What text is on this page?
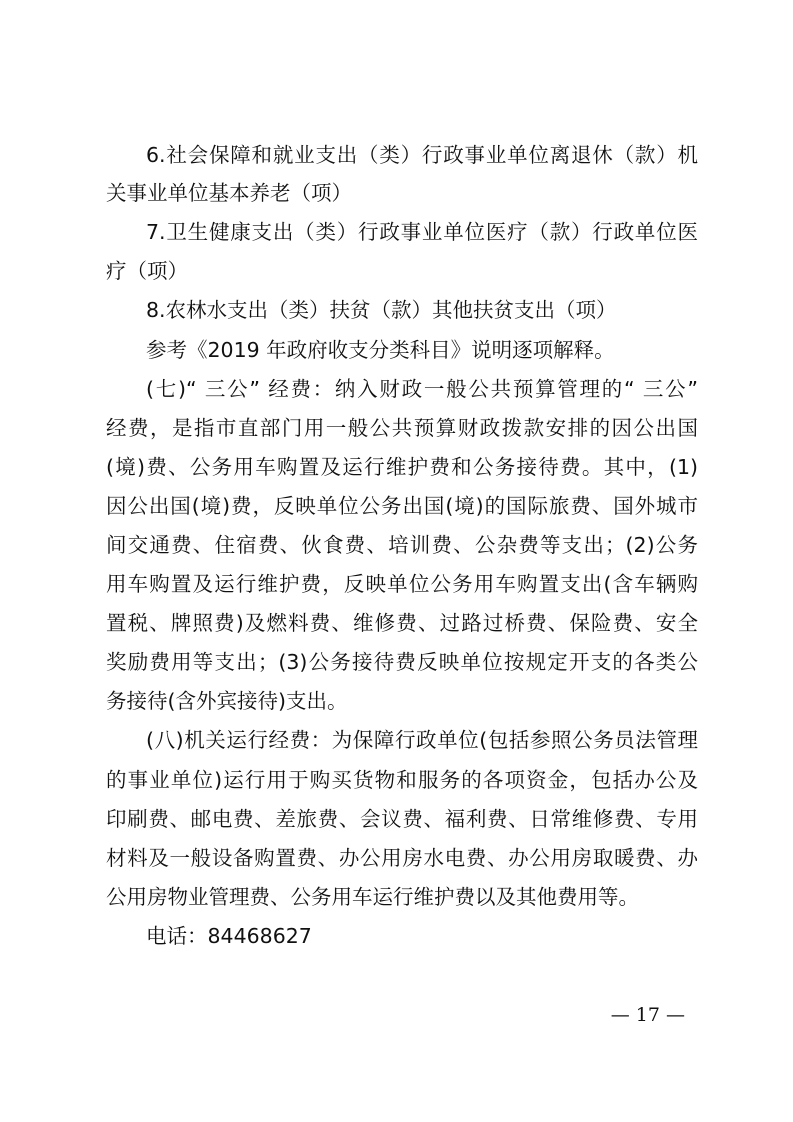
6.社会保障和就业支出（类）行政事业单位离退休（款）机
关事业单位基本养老（项）
7.卫生健康支出（类）行政事业单位医疗（款）行政单位医
疗（项）
8.农林水支出（类）扶贫（款）其他扶贫支出（项）
参考《2019 年政府收支分类科目》说明逐项解释。
(七)“ 三公” 经费：纳入财政一般公共预算管理的“ 三公”
经费，是指市直部门用一般公共预算财政拨款安排的因公出国
(境)费、公务用车购置及运行维护费和公务接待费。其中，(1)
因公出国(境)费，反映单位公务出国(境)的国际旅费、国外城市
间交通费、住宿费、伙食费、培训费、公杂费等支出；(2)公务
用车购置及运行维护费，反映单位公务用车购置支出(含车辆购
置税、牌照费)及燃料费、维修费、过路过桥费、保险费、安全
奖励费用等支出；(3)公务接待费反映单位按规定开支的各类公
务接待(含外宾接待)支出。
(八)机关运行经费：为保障行政单位(包括参照公务员法管理
的事业单位)运行用于购买货物和服务的各项资金，包括办公及
印刷费、邮电费、差旅费、会议费、福利费、日常维修费、专用
材料及一般设备购置费、办公用房水电费、办公用房取暖费、办
公用房物业管理费、公务用车运行维护费以及其他费用等。
电话：84468627
— 17 —
